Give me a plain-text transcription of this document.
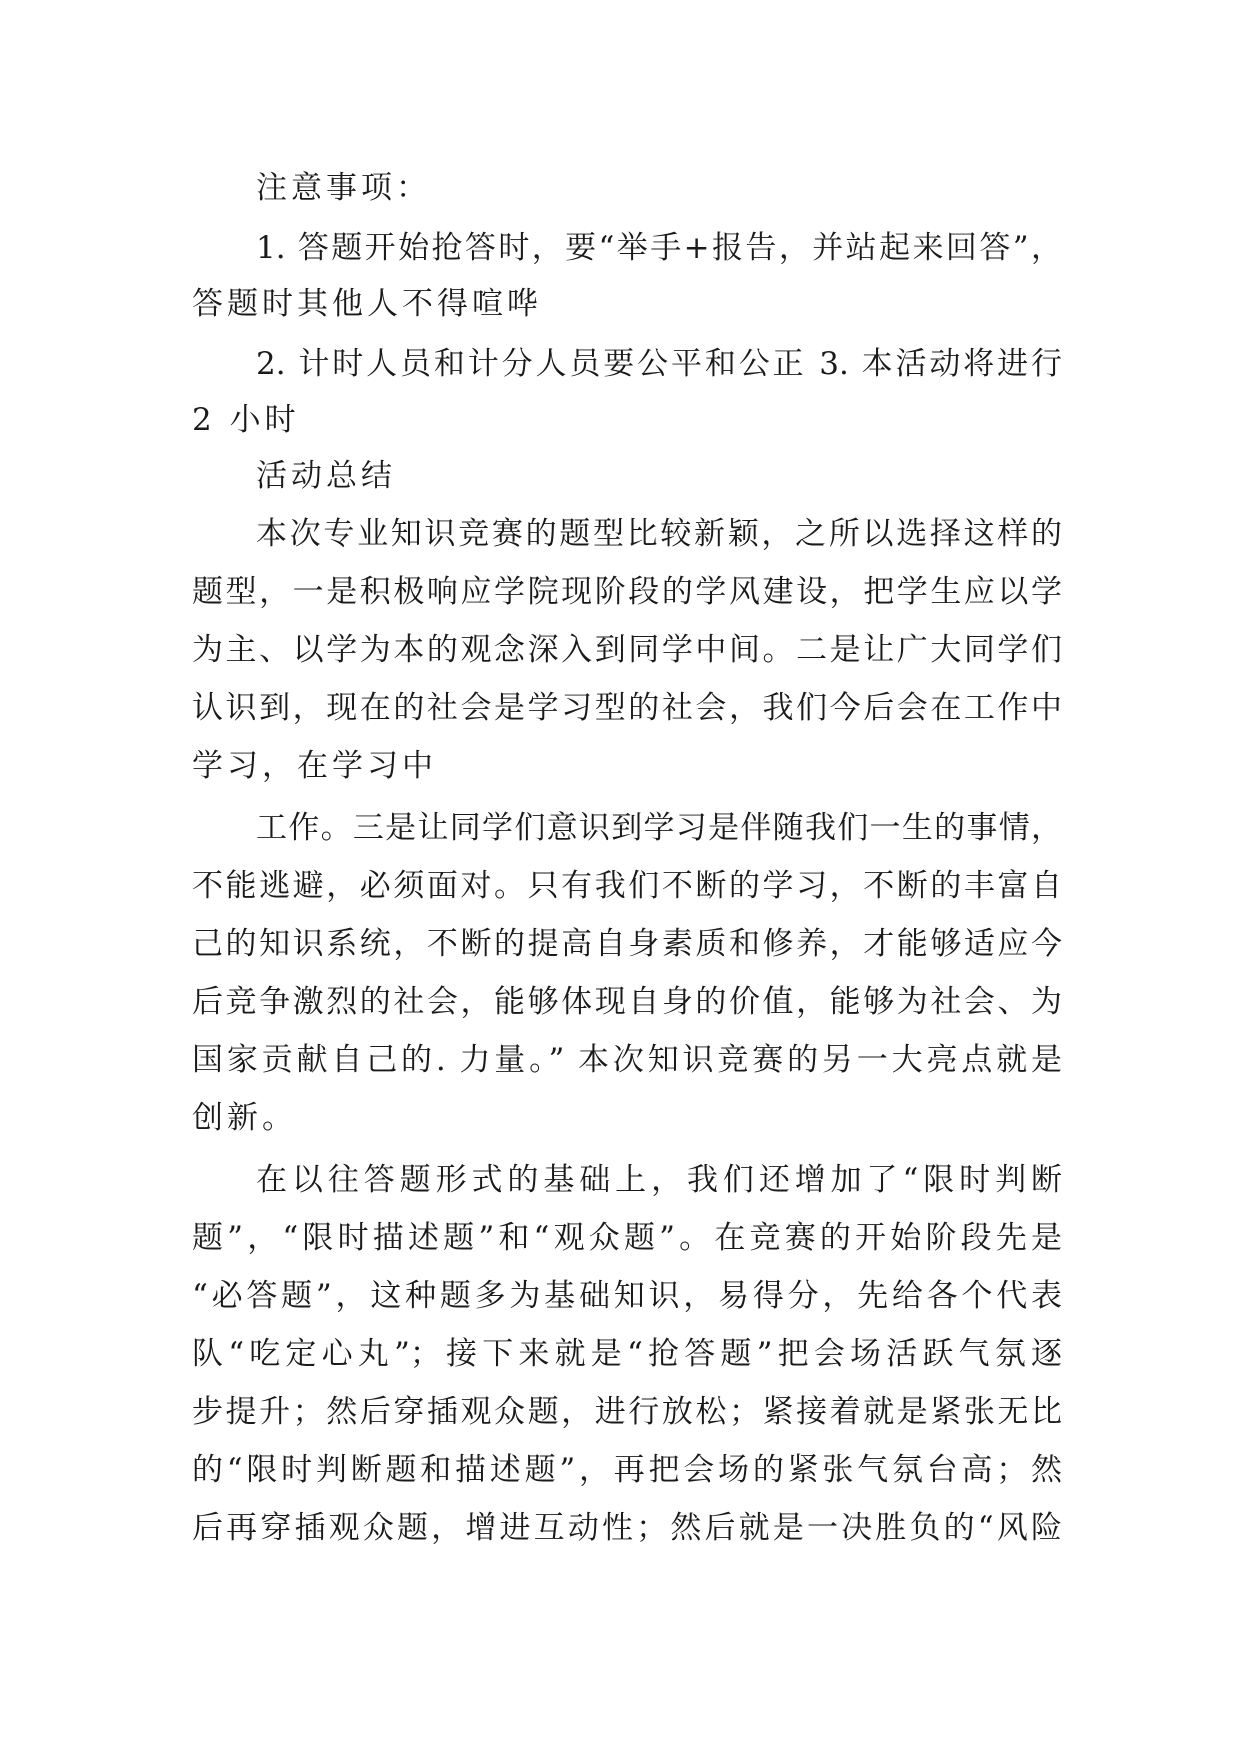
注意事项：
1. 答题开始抢答时，要“举手+报告，并站起来回答”，
答题时其他人不得喧哗
2. 计时人员和计分人员要公平和公正 3. 本活动将进行
2 小时
活动总结
本次专业知识竞赛的题型比较新颖，之所以选择这样的
题型，一是积极响应学院现阶段的学风建设，把学生应以学
为主、以学为本的观念深入到同学中间。二是让广大同学们
认识到，现在的社会是学习型的社会，我们今后会在工作中
学习，在学习中
工作。三是让同学们意识到学习是伴随我们一生的事情，
不能逃避，必须面对。只有我们不断的学习，不断的丰富自
己的知识系统，不断的提高自身素质和修养，才能够适应今
后竞争激烈的社会，能够体现自身的价值，能够为社会、为
国家贡献自己的. 力量。” 本次知识竞赛的另一大亮点就是
创新。
在以往答题形式的基础上，我们还增加了“限时判断
题”，“限时描述题”和“观众题”。在竞赛的开始阶段先是
“必答题”，这种题多为基础知识，易得分，先给各个代表
队“吃定心丸”；接下来就是“抢答题”把会场活跃气氛逐
步提升；然后穿插观众题，进行放松；紧接着就是紧张无比
的“限时判断题和描述题”，再把会场的紧张气氛台高；然
后再穿插观众题，增进互动性；然后就是一决胜负的“风险
